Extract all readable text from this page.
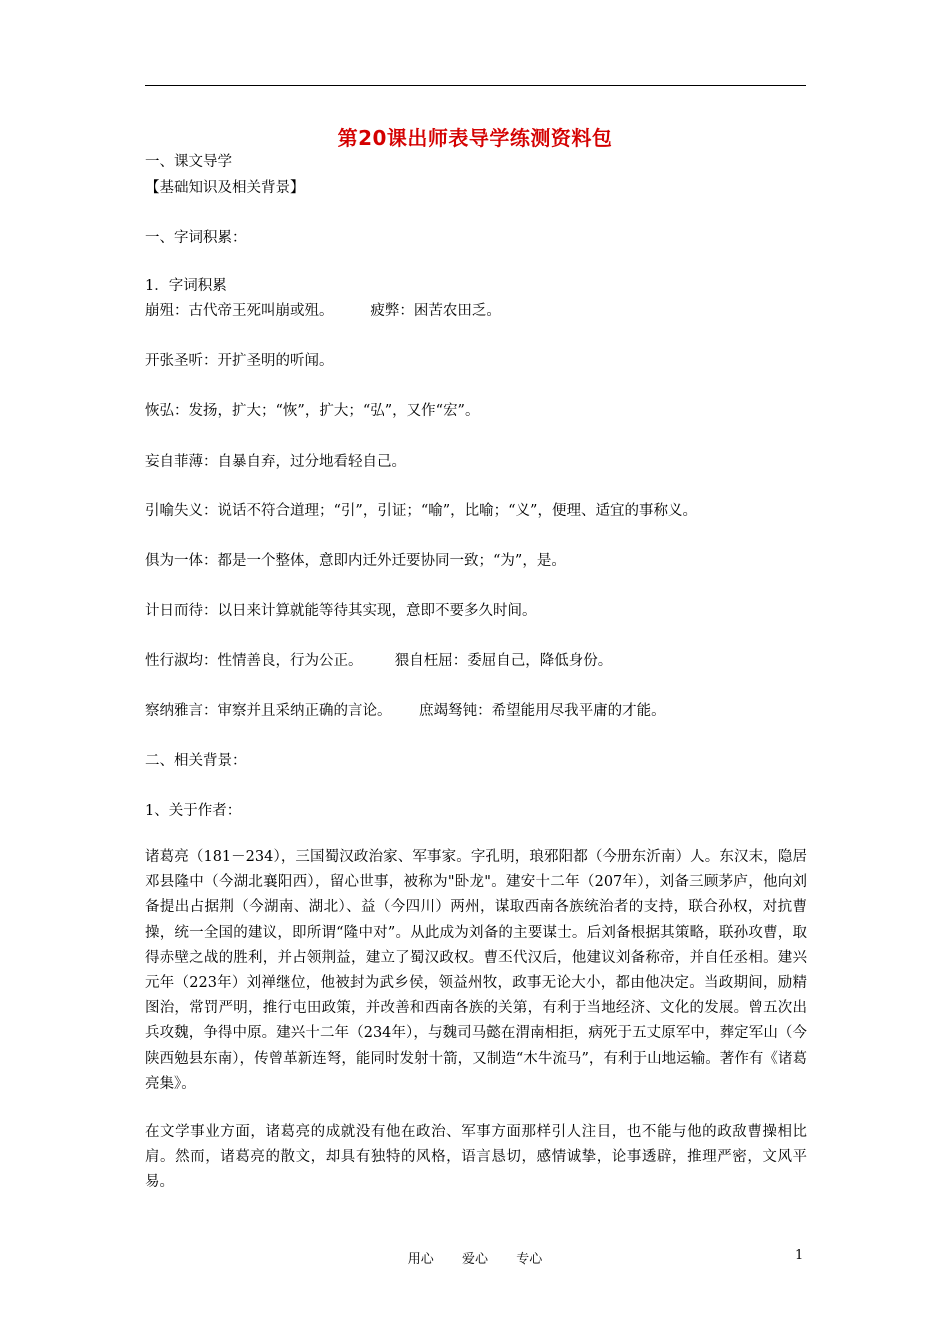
第20课出师表导学练测资料包
一、课文导学
【基础知识及相关背景】
一、字词积累：
1．字词积累
崩殂：古代帝王死叫崩或殂。        疲弊：困苦农田乏。
开张圣听：开扩圣明的听闻。
恢弘：发扬，扩大；“恢”，扩大；“弘”，又作“宏”。
妄自菲薄：自暴自弃，过分地看轻自己。
引喻失义：说话不符合道理；“引”，引证；“喻”，比喻；“义”，便理、适宜的事称义。
俱为一体：都是一个整体，意即内迁外迁要协同一致；“为”，是。
计日而待：以日来计算就能等待其实现，意即不要多久时间。
性行淑均：性情善良，行为公正。       猥自枉屈：委屈自己，降低身份。
察纳雅言：审察并且采纳正确的言论。      庶竭驽钝：希望能用尽我平庸的才能。
二、相关背景：
1、关于作者：
诸葛亮（181－234），三国蜀汉政治家、军事家。字孔明，琅邪阳都（今册东沂南）人。东汉末，隐居邓县隆中（今湖北襄阳西），留心世事，被称为"卧龙"。建安十二年（207年），刘备三顾茅庐，他向刘备提出占据荆（今湖南、湖北）、益（今四川）两州，谋取西南各族统治者的支持，联合孙权，对抗曹操，统一全国的建议，即所谓“隆中对”。从此成为刘备的主要谋士。后刘备根据其策略，联孙攻曹，取得赤壁之战的胜利，并占领荆益，建立了蜀汉政权。曹丕代汉后，他建议刘备称帝，并自任丞相。建兴元年（223年）刘禅继位，他被封为武乡侯，领益州牧，政事无论大小，都由他决定。当政期间，励精图治，常罚严明，推行屯田政策，并改善和西南各族的关第，有利于当地经济、文化的发展。曾五次出兵攻魏，争得中原。建兴十二年（234年），与魏司马懿在渭南相拒，病死于五丈原军中，葬定军山（今陕西勉县东南），传曾革新连弩，能同时发射十箭，又制造“木牛流马”，有利于山地运输。著作有《诸葛亮集》。
在文学事业方面，诸葛亮的成就没有他在政治、军事方面那样引人注目，也不能与他的政敌曹操相比肩。然而，诸葛亮的散文，却具有独特的风格，语言恳切，感情诚挚，论事透辟，推理严密，文风平易。
用心  爱心  专心	1
